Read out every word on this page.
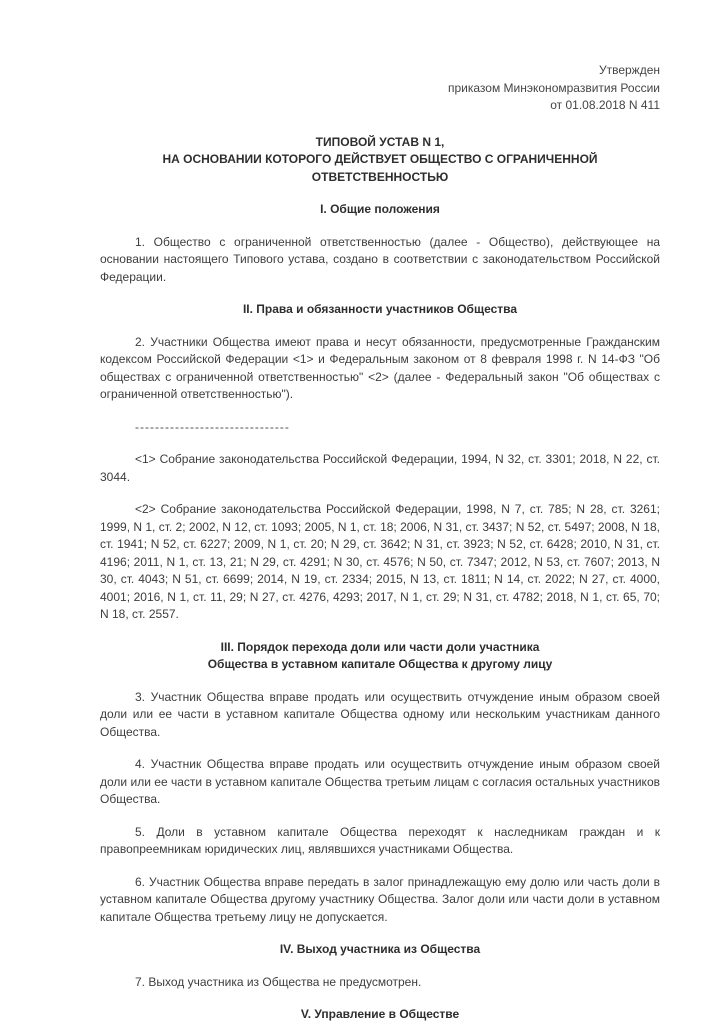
Утвержден
приказом Минэкономразвития России
от 01.08.2018 N 411
ТИПОВОЙ УСТАВ N 1,
НА ОСНОВАНИИ КОТОРОГО ДЕЙСТВУЕТ ОБЩЕСТВО С ОГРАНИЧЕННОЙ
ОТВЕТСТВЕННОСТЬЮ
I. Общие положения

1. Общество с ограниченной ответственностью (далее - Общество), действующее на основании настоящего Типового устава, создано в соответствии с законодательством Российской Федерации.

II. Права и обязанности участников Общества

2. Участники Общества имеют права и несут обязанности, предусмотренные Гражданским кодексом Российской Федерации <1> и Федеральным законом от 8 февраля 1998 г. N 14-ФЗ "Об обществах с ограниченной ответственностью" <2> (далее - Федеральный закон "Об обществах с ограниченной ответственностью").

-------------------------------

<1> Собрание законодательства Российской Федерации, 1994, N 32, ст. 3301; 2018, N 22, ст. 3044.

<2> Собрание законодательства Российской Федерации, 1998, N 7, ст. 785; N 28, ст. 3261; 1999, N 1, ст. 2; 2002, N 12, ст. 1093; 2005, N 1, ст. 18; 2006, N 31, ст. 3437; N 52, ст. 5497; 2008, N 18, ст. 1941; N 52, ст. 6227; 2009, N 1, ст. 20; N 29, ст. 3642; N 31, ст. 3923; N 52, ст. 6428; 2010, N 31, ст. 4196; 2011, N 1, ст. 13, 21; N 29, ст. 4291; N 30, ст. 4576; N 50, ст. 7347; 2012, N 53, ст. 7607; 2013, N 30, ст. 4043; N 51, ст. 6699; 2014, N 19, ст. 2334; 2015, N 13, ст. 1811; N 14, ст. 2022; N 27, ст. 4000, 4001; 2016, N 1, ст. 11, 29; N 27, ст. 4276, 4293; 2017, N 1, ст. 29; N 31, ст. 4782; 2018, N 1, ст. 65, 70; N 18, ст. 2557.

III. Порядок перехода доли или части доли участника
Общества в уставном капитале Общества к другому лицу

3. Участник Общества вправе продать или осуществить отчуждение иным образом своей доли или ее части в уставном капитале Общества одному или нескольким участникам данного Общества.

4. Участник Общества вправе продать или осуществить отчуждение иным образом своей доли или ее части в уставном капитале Общества третьим лицам с согласия остальных участников Общества.

5. Доли в уставном капитале Общества переходят к наследникам граждан и к правопреемникам юридических лиц, являвшихся участниками Общества.

6. Участник Общества вправе передать в залог принадлежащую ему долю или часть доли в уставном капитале Общества другому участнику Общества. Залог доли или части доли в уставном капитале Общества третьему лицу не допускается.

IV. Выход участника из Общества

7. Выход участника из Общества не предусмотрен.

V. Управление в Обществе
